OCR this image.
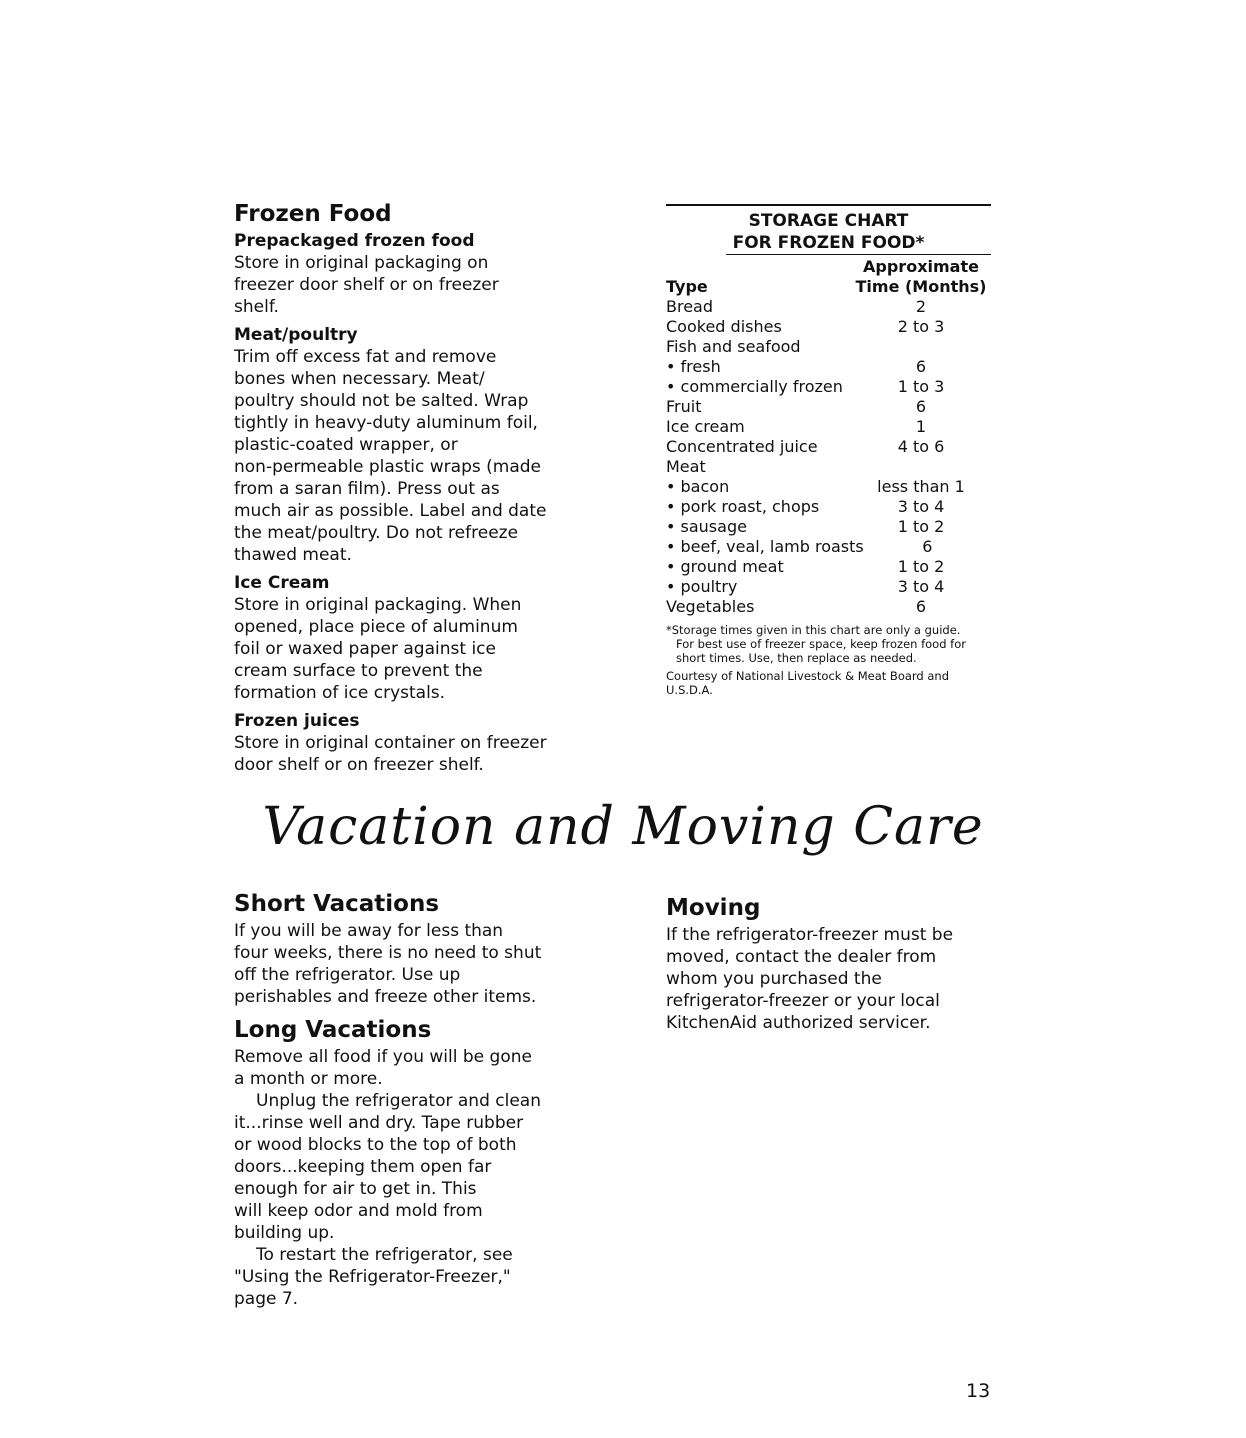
Frozen Food
Prepackaged frozen food

Store in original packaging on
freezer door shelf or on freezer
shelf.

Meat/poultry

Trim off excess fat and remove
bones when necessary. Meat/
poultry should not be salted. Wrap
tightly in heavy-duty aluminum foil,
plastic-coated wrapper, or
non-permeable plastic wraps (made
from a saran film). Press out as
much air as possible. Label and date
the meat/poultry. Do not refreeze
thawed meat.

Ice Cream

Store in original packaging. When
opened, place piece of aluminum
foil or waxed paper against ice
cream surface to prevent the
formation of ice crystals.

Frozen juices

Store in original container on freezer
door shelf or on freezer shelf.

STORAGE CHART
FOR FROZEN FOOD*
Type
Approximate
Time (Months)
Bread	2
Cooked dishes	2 to 3
Fish and seafood
• fresh	6
• commercially frozen	1 to 3
Fruit	6
Ice cream	1
Concentrated juice	4 to 6
Meat
• bacon	less than 1
• pork roast, chops	3 to 4
• sausage	1 to 2
• beef, veal, lamb roasts	6
• ground meat	1 to 2
• poultry	3 to 4
Vegetables	6
*Storage times given in this chart are only a guide.
For best use of freezer space, keep frozen food for
short times. Use, then replace as needed.
Courtesy of National Livestock & Meat Board and U.S.D.A.
Vacation and Moving Care
Short Vacations

If you will be away for less than
four weeks, there is no need to shut
off the refrigerator. Use up
perishables and freeze other items.

Long Vacations

Remove all food if you will be gone
a month or more.

Unplug the refrigerator and clean
it...rinse well and dry. Tape rubber
or wood blocks to the top of both
doors...keeping them open far
enough for air to get in. This
will keep odor and mold from
building up.

To restart the refrigerator, see
"Using the Refrigerator-Freezer,"
page 7.

Moving

If the refrigerator-freezer must be
moved, contact the dealer from
whom you purchased the
refrigerator-freezer or your local
KitchenAid authorized servicer.

13
